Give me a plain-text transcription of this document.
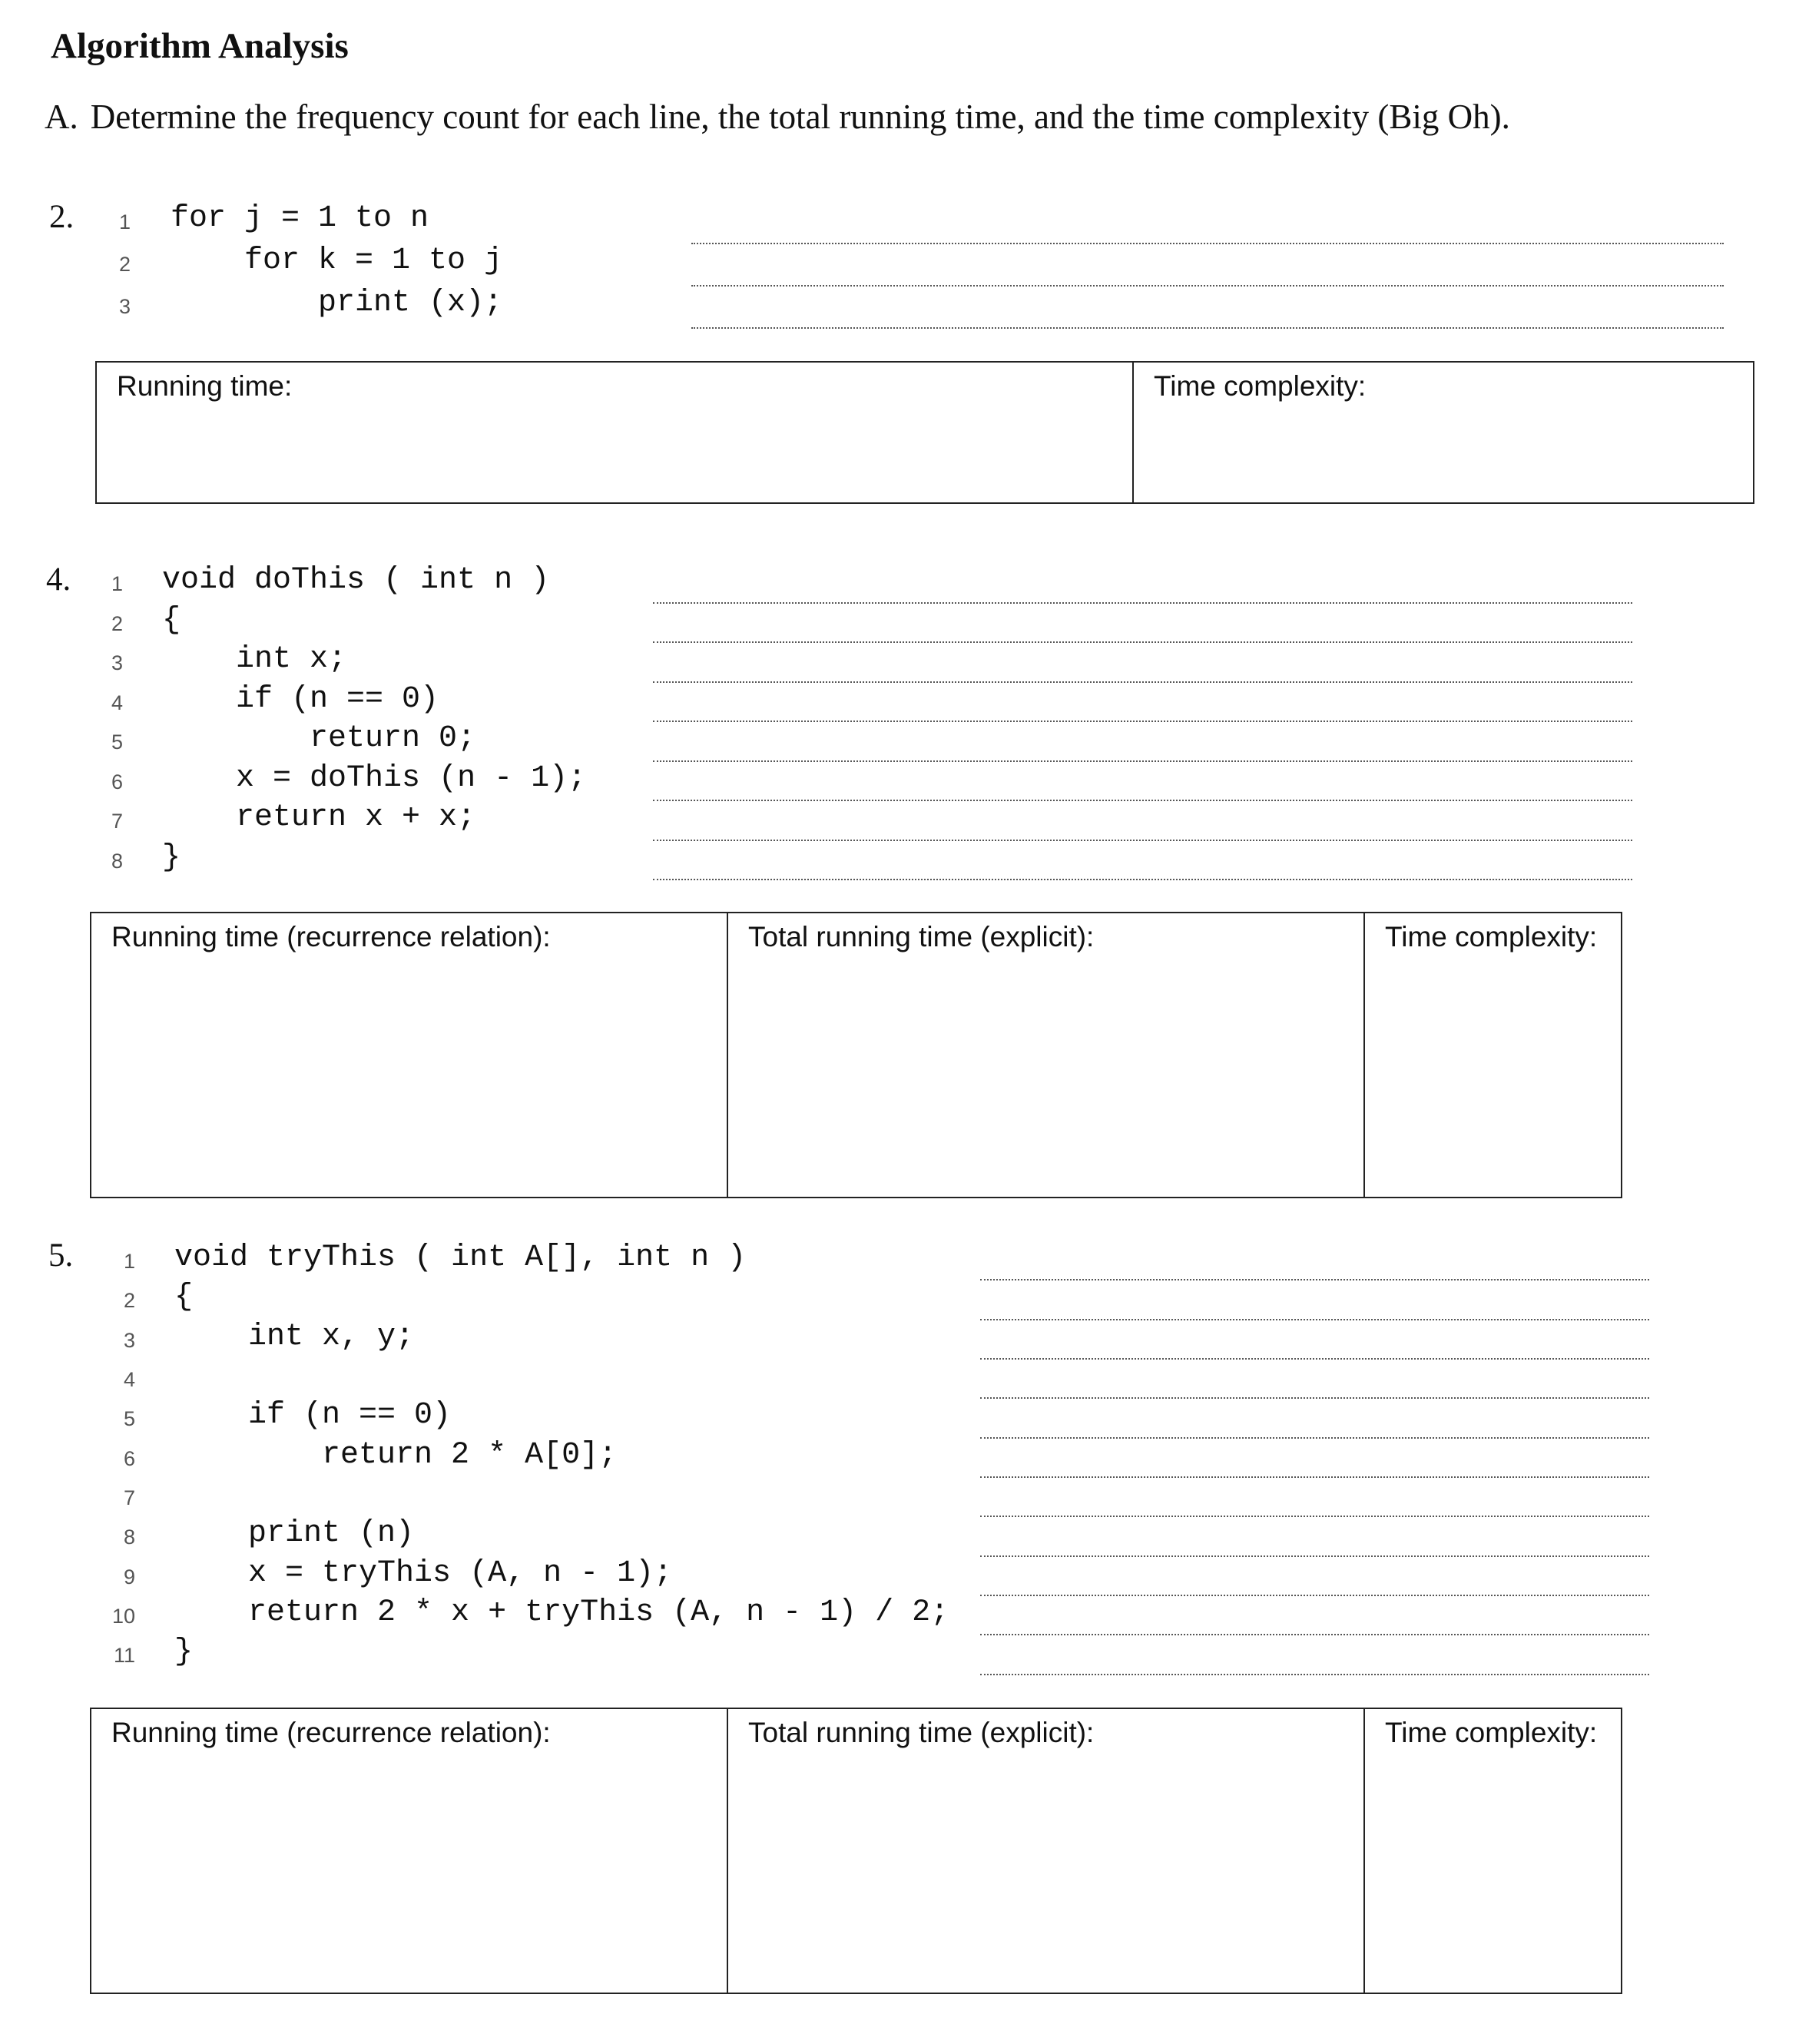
Algorithm Analysis
A. Determine the frequency count for each line, the total running time, and the time complexity (Big Oh).
2.	1 for j = 1 to n
2 for k = 1 to j
3 print (x);
Running time:	Time complexity:
4.	1 void doThis ( int n )
2 {
3 int x;
4 if (n == 0)
5 return 0;
6 x = doThis (n - 1);
7 return x + x;
8 }
Running time (recurrence relation):	Total running time (explicit):	Time complexity:
5.	1 void tryThis ( int A[], int n )
2 {
3 int x, y;
4
5 if (n == 0)
6 return 2 * A[0];
7
8 print (n)
9 x = tryThis (A, n - 1);
10 return 2 * x + tryThis (A, n - 1) / 2;
11 }
Running time (recurrence relation):	Total running time (explicit):	Time complexity:
